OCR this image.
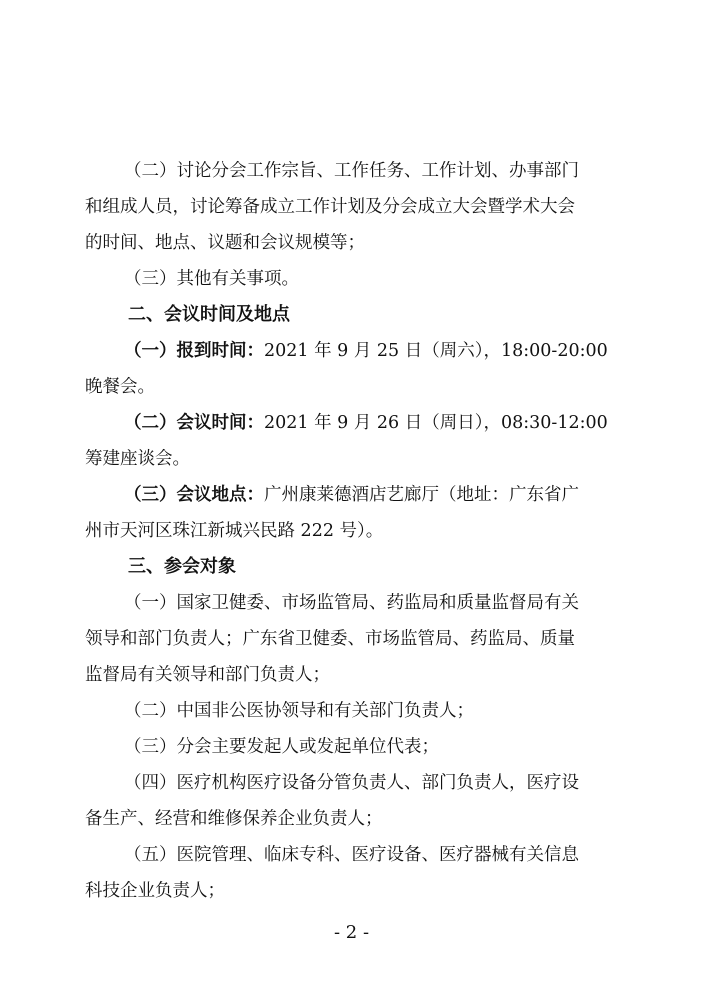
（二）讨论分会工作宗旨、工作任务、工作计划、办事部门

和组成人员，讨论筹备成立工作计划及分会成立大会暨学术大会

的时间、地点、议题和会议规模等；

（三）其他有关事项。

二、会议时间及地点

（一）报到时间：2021 年 9 月 25 日（周六），18:00-20:00

晚餐会。

（二）会议时间：2021 年 9 月 26 日（周日），08:30-12:00

筹建座谈会。

（三）会议地点：广州康莱德酒店艺廊厅（地址：广东省广

州市天河区珠江新城兴民路 222 号）。

三、参会对象

（一）国家卫健委、市场监管局、药监局和质量监督局有关

领导和部门负责人；广东省卫健委、市场监管局、药监局、质量

监督局有关领导和部门负责人；

（二）中国非公医协领导和有关部门负责人；

（三）分会主要发起人或发起单位代表；

（四）医疗机构医疗设备分管负责人、部门负责人，医疗设

备生产、经营和维修保养企业负责人；

（五）医院管理、临床专科、医疗设备、医疗器械有关信息

科技企业负责人；

- 2 -
